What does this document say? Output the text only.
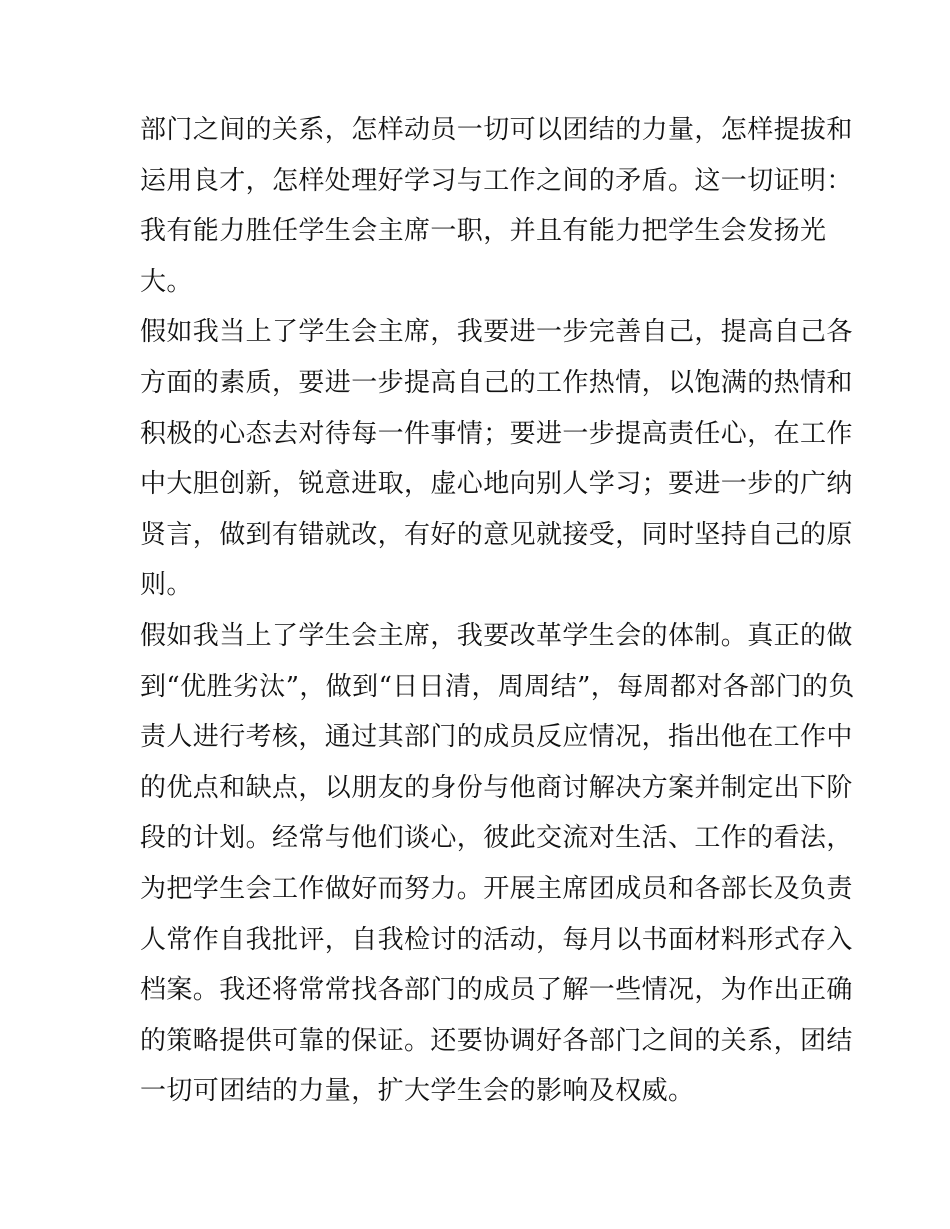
部门之间的关系，怎样动员一切可以团结的力量，怎样提拔和
运用良才，怎样处理好学习与工作之间的矛盾。这一切证明：
我有能力胜任学生会主席一职，并且有能力把学生会发扬光
大。
假如我当上了学生会主席，我要进一步完善自己，提高自己各
方面的素质，要进一步提高自己的工作热情，以饱满的热情和
积极的心态去对待每一件事情；要进一步提高责任心，在工作
中大胆创新，锐意进取，虚心地向别人学习；要进一步的广纳
贤言，做到有错就改，有好的意见就接受，同时坚持自己的原
则。
假如我当上了学生会主席，我要改革学生会的体制。真正的做
到“优胜劣汰”，做到“日日清，周周结”，每周都对各部门的负
责人进行考核，通过其部门的成员反应情况，指出他在工作中
的优点和缺点，以朋友的身份与他商讨解决方案并制定出下阶
段的计划。经常与他们谈心，彼此交流对生活、工作的看法，
为把学生会工作做好而努力。开展主席团成员和各部长及负责
人常作自我批评，自我检讨的活动，每月以书面材料形式存入
档案。我还将常常找各部门的成员了解一些情况，为作出正确
的策略提供可靠的保证。还要协调好各部门之间的关系，团结
一切可团结的力量，扩大学生会的影响及权威。
